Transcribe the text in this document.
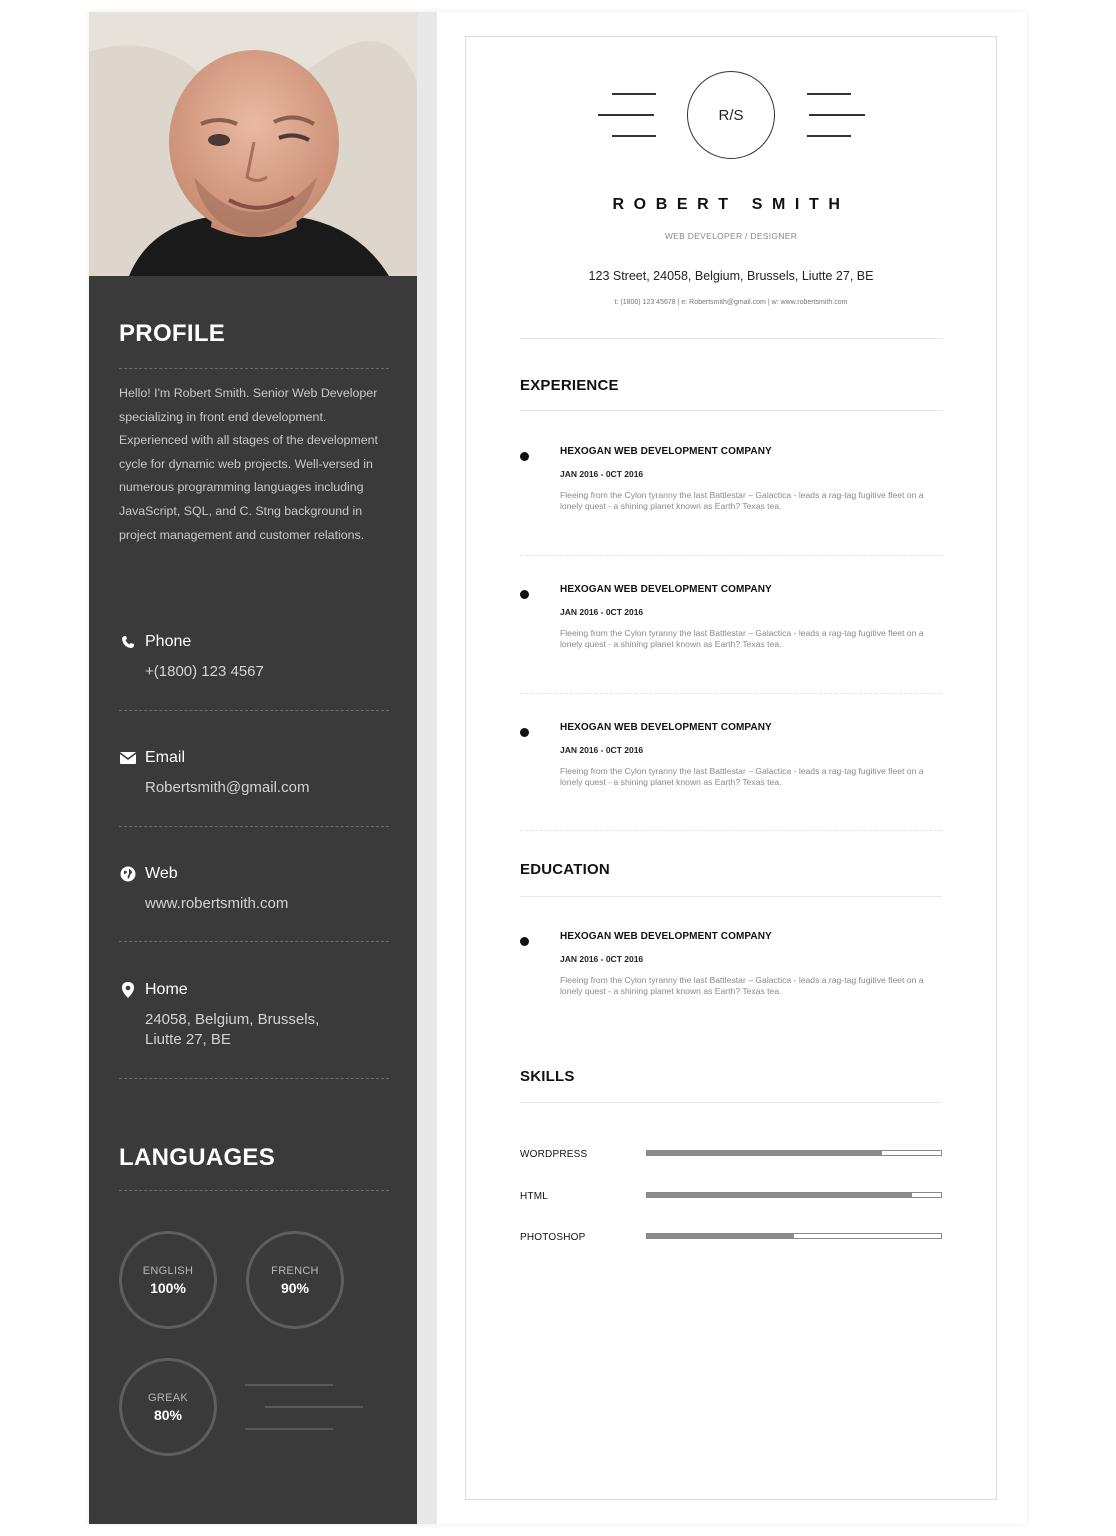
PROFILE

Hello! I'm Robert Smith. Senior Web Developer specializing in front end development. Experienced with all stages of the development cycle for dynamic web projects. Well-versed in numerous programming languages including JavaScript, SQL, and C. Stng background in project management and customer relations.

Phone
+(1800) 123 4567
Email
Robertsmith@gmail.com
Web
www.robertsmith.com
Home
24058, Belgium, Brussels,
Liutte 27, BE
LANGUAGES
ENGLISH
100%
FRENCH
90%
GREAK
80%
R/S
ROBERT SMITH
WEB DEVELOPER / DESIGNER
123 Street, 24058, Belgium, Brussels, Liutte 27, BE
t: (1800) 123 45678 | e: Robertsmith@gmail.com | w: www.robertsmith.com
EXPERIENCE
HEXOGAN WEB DEVELOPMENT COMPANY
JAN 2016 - 0CT 2016

Fleeing from the Cylon tyranny the last Battlestar – Galactica - leads a rag-tag fugitive fleet on a lonely quest - a shining planet known as Earth? Texas tea.

HEXOGAN WEB DEVELOPMENT COMPANY
JAN 2016 - 0CT 2016

Fleeing from the Cylon tyranny the last Battlestar – Galactica - leads a rag-tag fugitive fleet on a lonely quest - a shining planet known as Earth? Texas tea.

HEXOGAN WEB DEVELOPMENT COMPANY
JAN 2016 - 0CT 2016

Fleeing from the Cylon tyranny the last Battlestar – Galactica - leads a rag-tag fugitive fleet on a lonely quest - a shining planet known as Earth? Texas tea.

EDUCATION
HEXOGAN WEB DEVELOPMENT COMPANY
JAN 2016 - 0CT 2016

Fleeing from the Cylon tyranny the last Battlestar – Galactica - leads a rag-tag fugitive fleet on a lonely quest - a shining planet known as Earth? Texas tea.

SKILLS
WORDPRESS
HTML
PHOTOSHOP
